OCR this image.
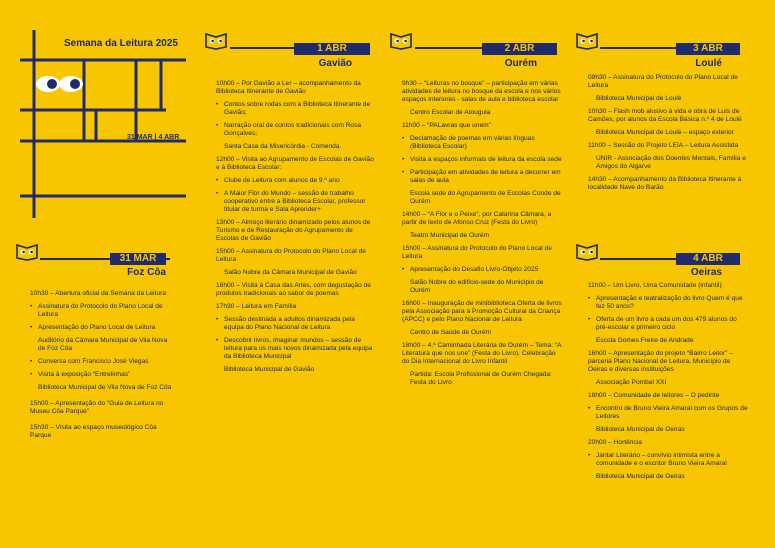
Semana da Leitura 2025
31 MAR | 4 ABR
31 MAR
Foz Côa
1 ABR
Gavião
2 ABR
Ourém
3 ABR
Loulé
4 ABR
Oeiras
10h30 – Abertura oficial da Semana da Leitura
• Assinatura do Protocolo do Plano Local de Leitura
• Apresentação do Plano Local de Leitura
Auditório da Câmara Municipal de Vila Nova de Foz Côa
• Conversa com Francisco José Viegas
• Visita à exposição “Entrelinhas”
Biblioteca Municipal de Vila Nova de Foz Côa
15h00 – Apresentação do “Guia de Leitura no Museu Côa Parque”
15h30 – Visita ao espaço museológico Côa Parque
10h00 – Por Gavião a Ler – acompanhamento da Biblioteca Itinerante de Gavião
• Contos sobre rodas com a Biblioteca Itinerante de Gavião;
• Narração oral de contos tradicionais com Rosa Gonçalves;
Santa Casa da Misericórdia - Comenda.
12h00 – Visita ao Agrupamento de Escolas de Gavião e à Biblioteca Escolar:
• Clube de Leitura com alunos de 9.º ano
• A Maior Flor do Mundo – sessão de trabalho cooperativo entre a Biblioteca Escolar, professor titular de turma e Sala Aprender+
13h00 – Almoço literário dinamizado pelos alunos de Turismo e de Restauração do Agrupamento de Escolas de Gavião
15h00 – Assinatura do Protocolo do Plano Local de Leitura
Salão Nobre da Câmara Municipal de Gavião
16h00 – Visita à Casa das Artes, com degustação de produtos tradicionais ao sabor de poemas
17h30 – Leitura em Família
• Sessão destinada a adultos dinamizada pela equipa do Plano Nacional de Leitura
• Descobrir livros, imaginar mundos – sessão de leitura para os mais novos dinamizada pela equipa da Biblioteca Municipal
Biblioteca Municipal de Gavião
9h30 – “Leituras no bosque” – participação em várias atividades de leitura no bosque da escola e nos vários espaços interiores - salas de aula e biblioteca escolar
Centro Escolar de Atouguia
11h00 – “PALavras que unem”
• Declamação de poemas em várias línguas (Biblioteca Escolar)
• Visita a espaços informais de leitura da escola sede
• Participação em atividades de leitura a decorrer em salas de aula
Escola sede do Agrupamento de Escolas Conde de Ourém
14h00 – “A Flor e o Peixe”, por Catarina Câmara, a partir de texto de Afonso Cruz (Festa do Livro)
Teatro Municipal de Ourém
15h00 – Assinatura do Protocolo do Plano Local de Leitura
• Apresentação do Desafio Livro-Objeto 2025
Salão Nobre do edifício-sede do Município de Ourém
16h00 – Inauguração de minibiblioteca Oferta de livros pela Associação para a Promoção Cultural da Criança (APCC) e pelo Plano Nacional de Leitura
Centro de Saúde de Ourém
18h00 – 4.ª Caminhada Literária de Ourém – Tema: “A Literatura que nos une” (Festa do Livro). Celebração do Dia Internacional do Livro Infantil
Partida: Escola Profissional de Ourém Chegada: Festa do Livro
09h30 – Assinatura do Protocolo do Plano Local de Leitura
Biblioteca Municipal de Loulé
10h30 – Flash mob alusivo à vida e obra de Luís de Camões, por alunos da Escola Básica n.º 4 de Loulé
Biblioteca Municipal de Loulé – espaço exterior
11h00 – Sessão do Projeto LEIA – Leitura Assistida
UNIR - Associação dos Doentes Mentais, Família e Amigos do Algarve
14h30 – Acompanhamento da Biblioteca Itinerante à localidade Nave do Barão
11h00 – Um Livro, Uma Comunidade (infantil)
• Apresentação e teatralização do livro Quem é que fez 50 anos?
• Oferta de um livro a cada um dos 479 alunos do pré-escolar e primeiro ciclo
Escola Gomes Freire de Andrade
16h00 – Apresentação do projeto “Bairro Leitor” – parceria Plano Nacional de Leitura, Município de Oeiras e diversas instituições
Associação Pombal XXI
18h00 – Comunidade de leitores – O pedinte
• Encontro de Bruno Vieira Amaral com os Grupos de Leitores
Biblioteca Municipal de Oeiras
20h00 – Hortência
• Jantar Literário – convívio intimista entre a comunidade e o escritor Bruno Vieira Amaral
Biblioteca Municipal de Oeiras
